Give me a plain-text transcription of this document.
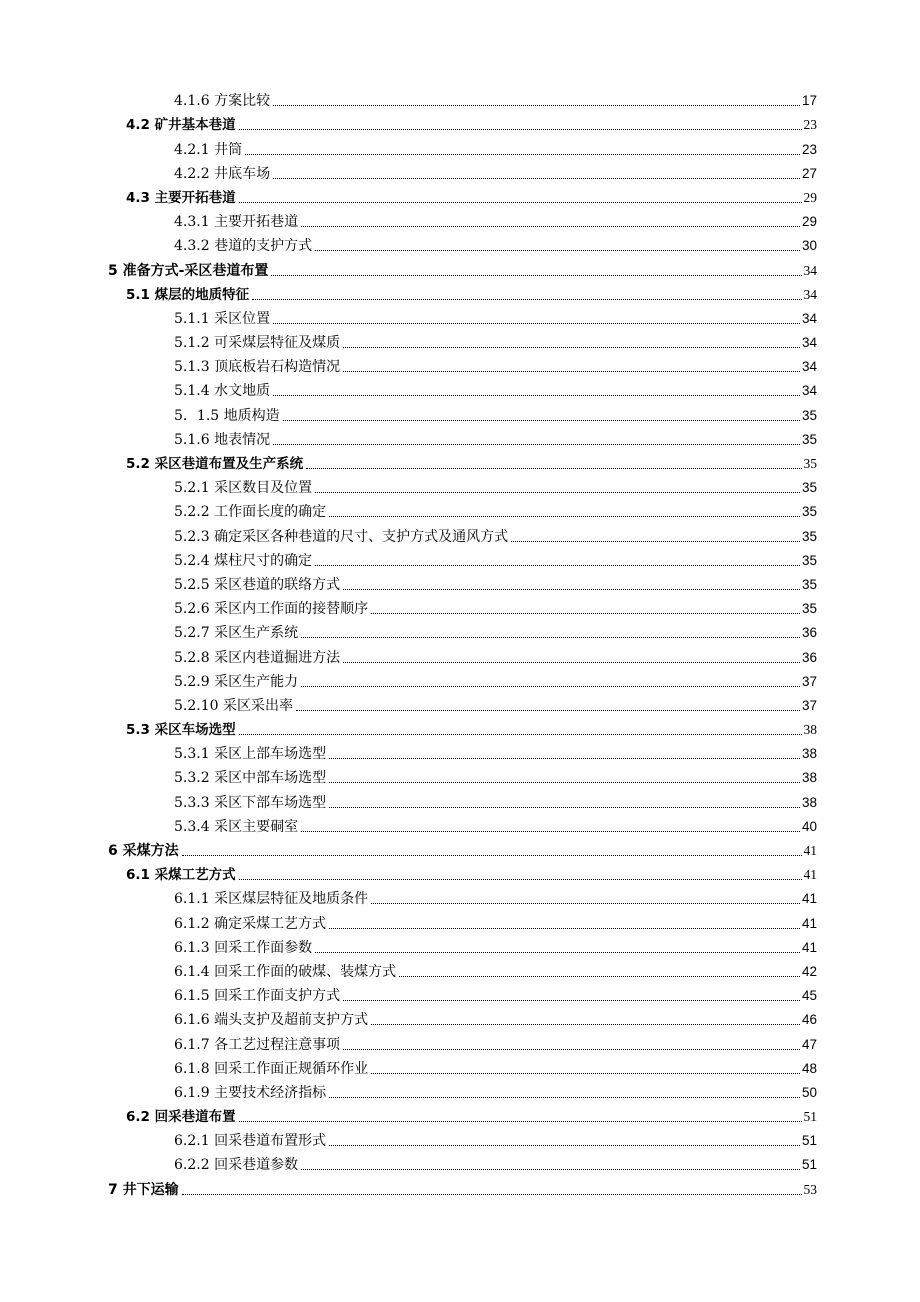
4.1.6 方案比较	17
4.2 矿井基本巷道	23
4.2.1 井筒	23
4.2.2 井底车场	27
4.3 主要开拓巷道	29
4.3.1 主要开拓巷道	29
4.3.2 巷道的支护方式	30
5 准备方式-采区巷道布置	34
5.1 煤层的地质特征	34
5.1.1 采区位置	34
5.1.2 可采煤层特征及煤质	34
5.1.3 顶底板岩石构造情况	34
5.1.4 水文地质	34
5．1.5 地质构造	35
5.1.6 地表情况	35
5.2 采区巷道布置及生产系统	35
5.2.1 采区数目及位置	35
5.2.2 工作面长度的确定	35
5.2.3 确定采区各种巷道的尺寸、支护方式及通风方式	35
5.2.4 煤柱尺寸的确定	35
5.2.5 采区巷道的联络方式	35
5.2.6 采区内工作面的接替顺序	35
5.2.7 采区生产系统	36
5.2.8 采区内巷道掘进方法	36
5.2.9 采区生产能力	37
5.2.10 采区采出率	37
5.3 采区车场选型	38
5.3.1 采区上部车场选型	38
5.3.2 采区中部车场选型	38
5.3.3 采区下部车场选型	38
5.3.4 采区主要硐室	40
6 采煤方法	41
6.1 采煤工艺方式	41
6.1.1 采区煤层特征及地质条件	41
6.1.2 确定采煤工艺方式	41
6.1.3 回采工作面参数	41
6.1.4 回采工作面的破煤、装煤方式	42
6.1.5 回采工作面支护方式	45
6.1.6 端头支护及超前支护方式	46
6.1.7 各工艺过程注意事项	47
6.1.8 回采工作面正规循环作业	48
6.1.9 主要技术经济指标	50
6.2 回采巷道布置	51
6.2.1 回采巷道布置形式	51
6.2.2 回采巷道参数	51
7 井下运输	53
